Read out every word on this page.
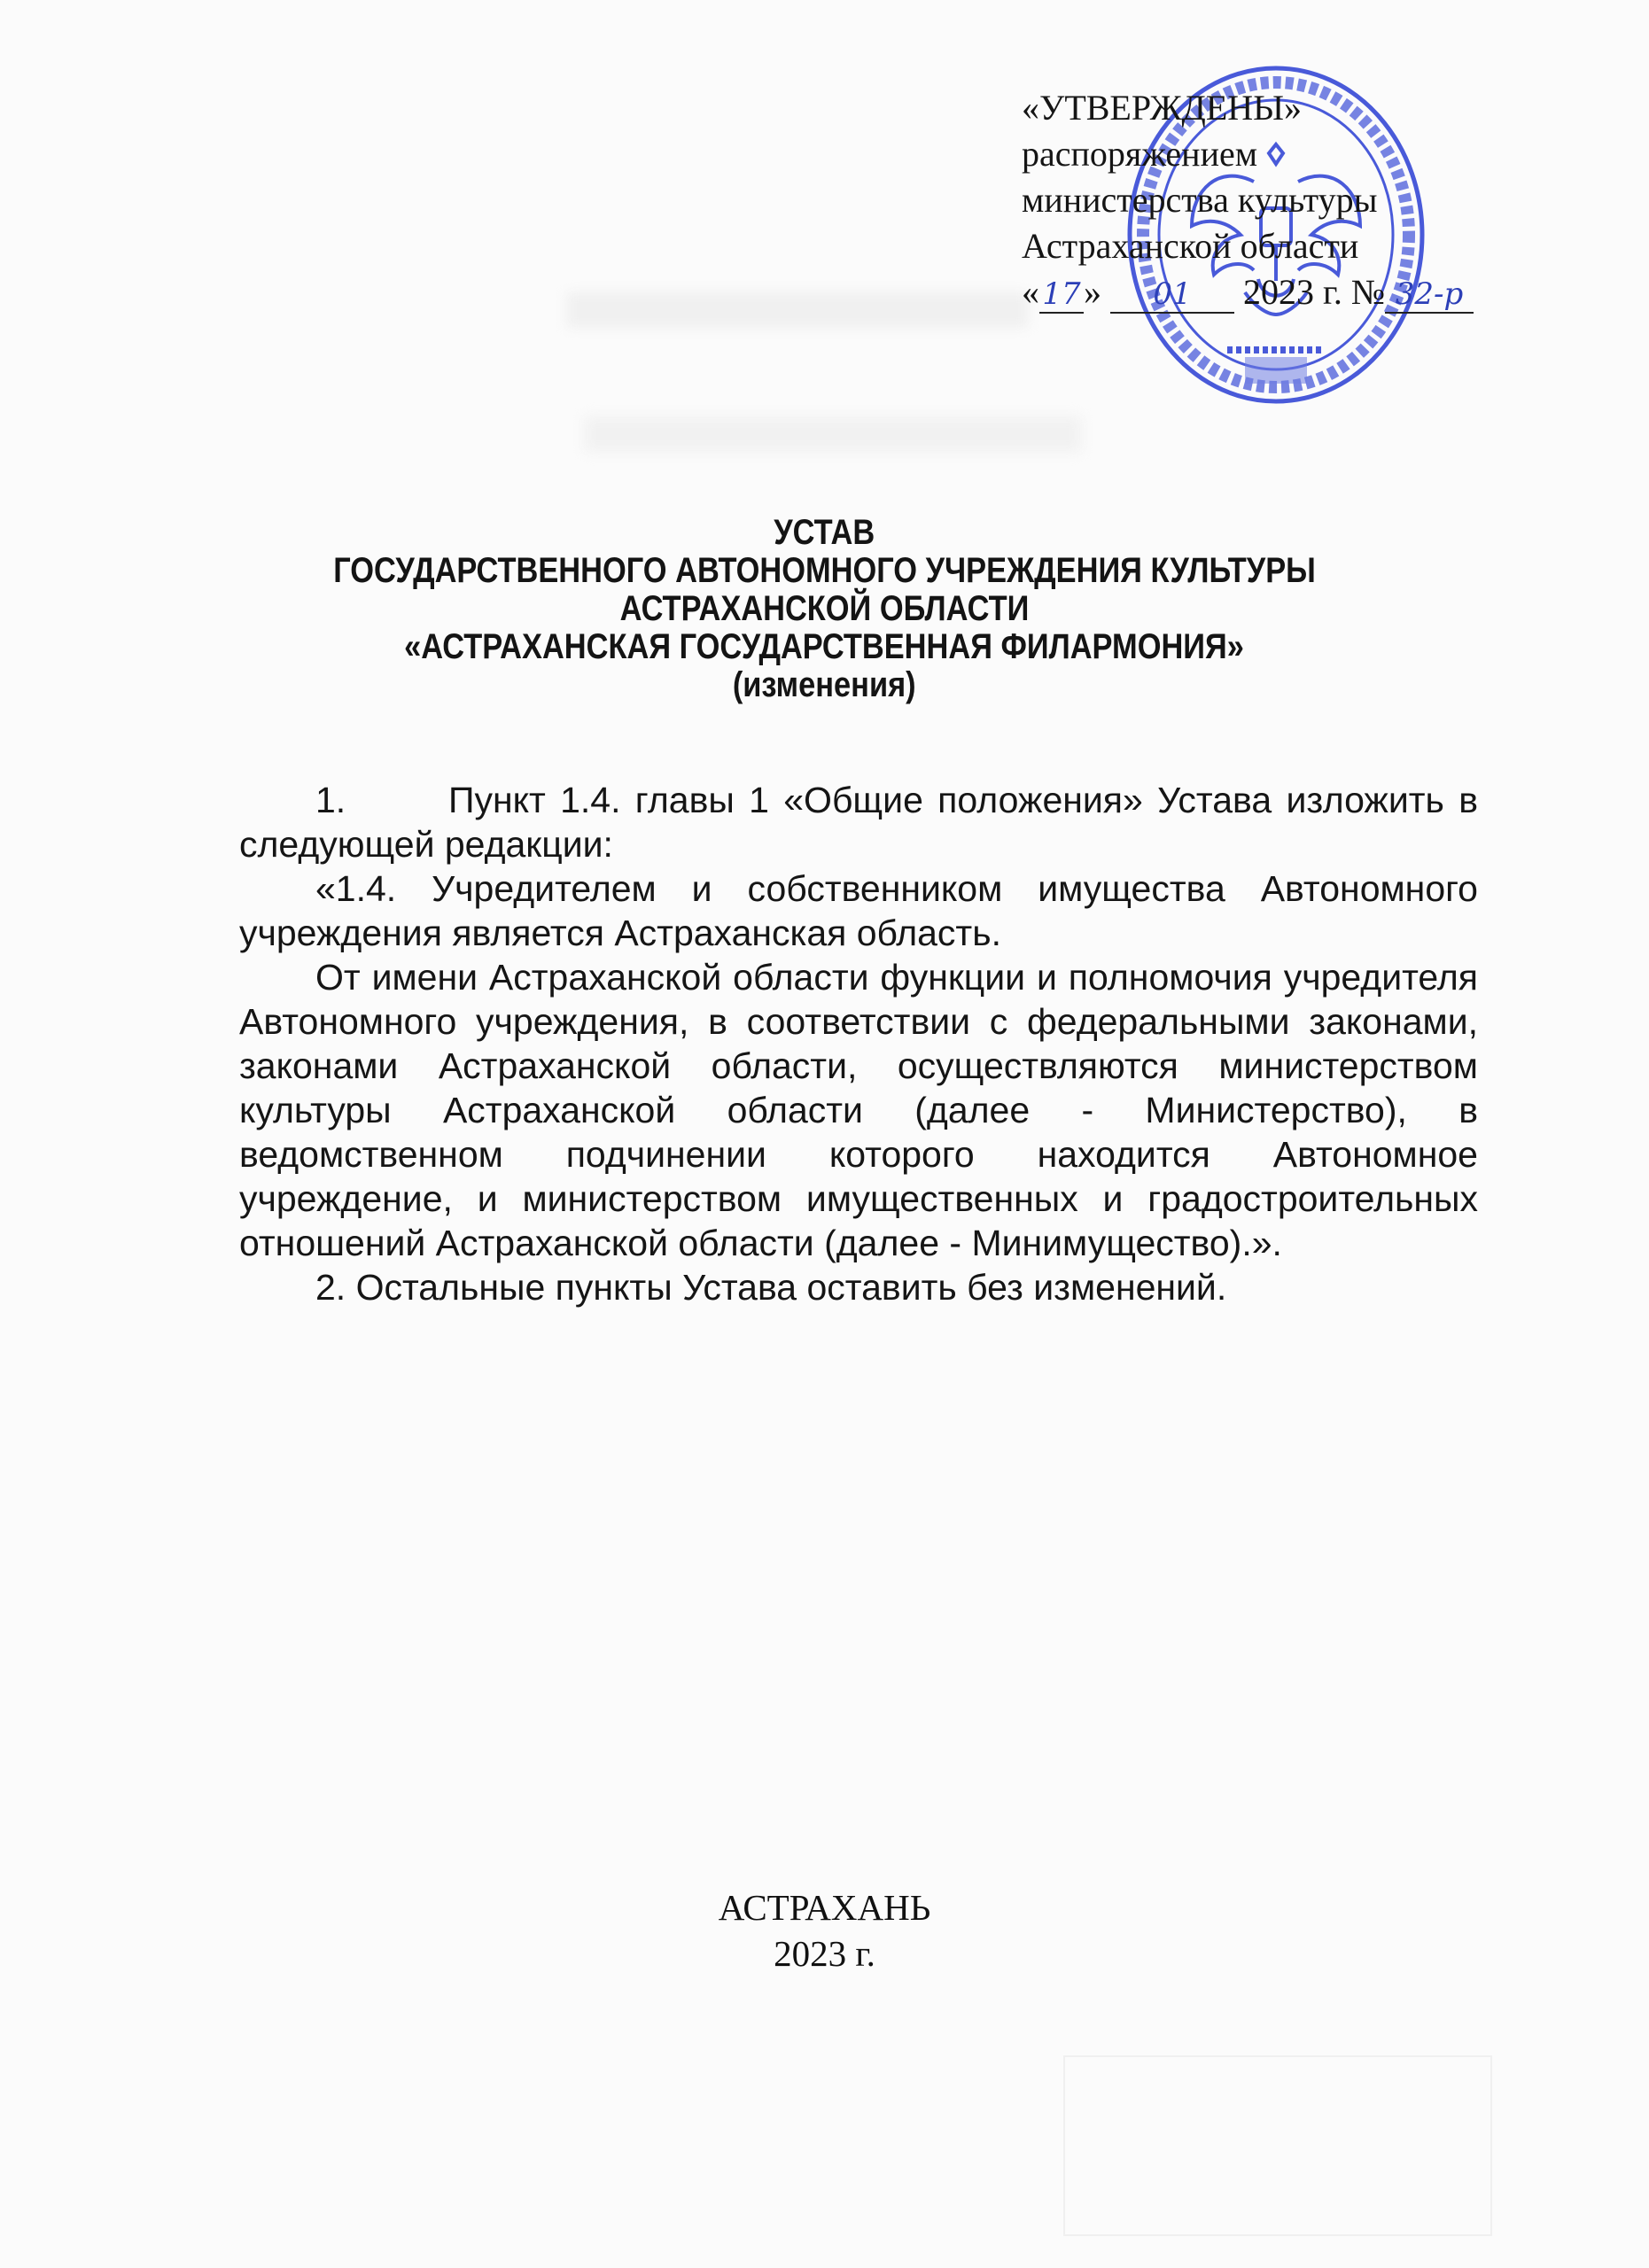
«УТВЕРЖДЕНЫ»
распоряжением
министерства культуры
Астраханской области
«17» 01 2023 г. № 32-р
УСТАВ
ГОСУДАРСТВЕННОГО АВТОНОМНОГО УЧРЕЖДЕНИЯ КУЛЬТУРЫ
АСТРАХАНСКОЙ ОБЛАСТИ
«АСТРАХАНСКАЯ ГОСУДАРСТВЕННАЯ ФИЛАРМОНИЯ»
(изменения)

1.	Пункт 1.4. главы 1 «Общие положения» Устава изложить в следующей редакции:

«1.4. Учредителем и собственником имущества Автономного учреждения является Астраханская область.

От имени Астраханской области функции и полномочия учредителя Автономного учреждения, в соответствии с федеральными законами, законами Астраханской области, осуществляются министерством культуры Астраханской области (далее - Министерство), в ведомственном подчинении которого находится Автономное учреждение, и министерством имущественных и градостроительных отношений Астраханской области (далее - Минимущество).».

2. Остальные пункты Устава оставить без изменений.

АСТРАХАНЬ
2023 г.
